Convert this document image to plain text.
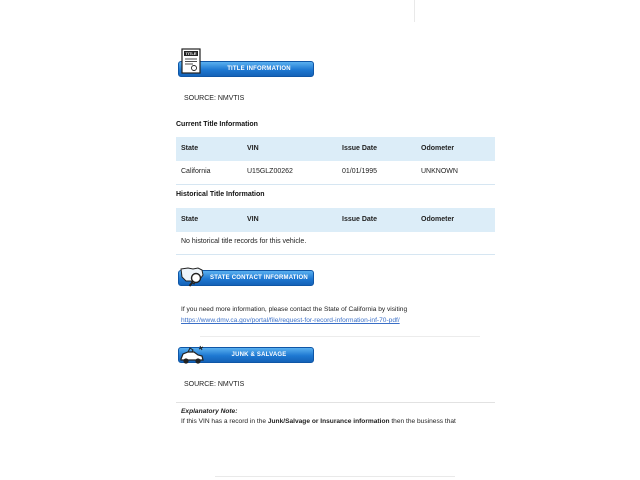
TITLE
TITLE INFORMATION
SOURCE: NMVTIS
Current Title Information
State	VIN	Issue Date	Odometer
California	U15GLZ00262	01/01/1995	UNKNOWN
Historical Title Information
State	VIN	Issue Date	Odometer
No historical title records for this vehicle.
STATE CONTACT INFORMATION
If you need more information, please contact the State of California by visiting
https://www.dmv.ca.gov/portal/file/request-for-record-information-inf-70-pdf/
JUNK & SALVAGE INFORMATION
SOURCE: NMVTIS
Explanatory Note:
If this VIN has a record in the Junk/Salvage or Insurance information then the business that
